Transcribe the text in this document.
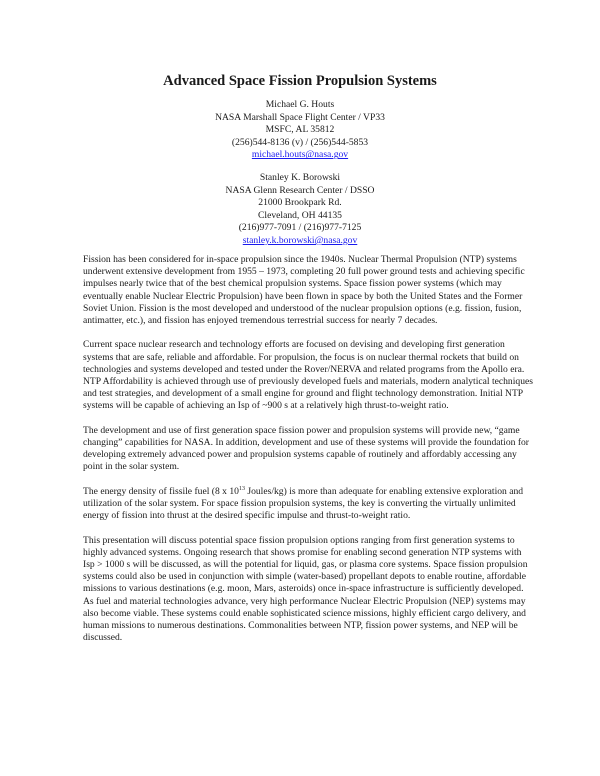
Advanced Space Fission Propulsion Systems
Michael G. Houts
NASA Marshall Space Flight Center / VP33
MSFC, AL 35812
(256)544-8136 (v) / (256)544-5853
michael.houts@nasa.gov
Stanley K. Borowski
NASA Glenn Research Center / DSSO
21000 Brookpark Rd.
Cleveland, OH 44135
(216)977-7091 / (216)977-7125
stanley.k.borowski@nasa.gov

Fission has been considered for in-space propulsion since the 1940s. Nuclear Thermal Propulsion (NTP) systems underwent extensive development from 1955 – 1973, completing 20 full power ground tests and achieving specific impulses nearly twice that of the best chemical propulsion systems. Space fission power systems (which may eventually enable Nuclear Electric Propulsion) have been flown in space by both the United States and the Former Soviet Union. Fission is the most developed and understood of the nuclear propulsion options (e.g. fission, fusion, antimatter, etc.), and fission has enjoyed tremendous terrestrial success for nearly 7 decades.

Current space nuclear research and technology efforts are focused on devising and developing first generation systems that are safe, reliable and affordable. For propulsion, the focus is on nuclear thermal rockets that build on technologies and systems developed and tested under the Rover/NERVA and related programs from the Apollo era. NTP Affordability is achieved through use of previously developed fuels and materials, modern analytical techniques and test strategies, and development of a small engine for ground and flight technology demonstration. Initial NTP systems will be capable of achieving an Isp of ~900 s at a relatively high thrust-to-weight ratio.

The development and use of first generation space fission power and propulsion systems will provide new, “game changing” capabilities for NASA. In addition, development and use of these systems will provide the foundation for developing extremely advanced power and propulsion systems capable of routinely and affordably accessing any point in the solar system.

The energy density of fissile fuel (8 x $10^{13}$ Joules/kg) is more than adequate for enabling extensive exploration and utilization of the solar system. For space fission propulsion systems, the key is converting the virtually unlimited energy of fission into thrust at the desired specific impulse and thrust-to-weight ratio.

This presentation will discuss potential space fission propulsion options ranging from first generation systems to highly advanced systems. Ongoing research that shows promise for enabling second generation NTP systems with Isp > 1000 s will be discussed, as will the potential for liquid, gas, or plasma core systems. Space fission propulsion systems could also be used in conjunction with simple (water-based) propellant depots to enable routine, affordable missions to various destinations (e.g. moon, Mars, asteroids) once in-space infrastructure is sufficiently developed. As fuel and material technologies advance, very high performance Nuclear Electric Propulsion (NEP) systems may also become viable. These systems could enable sophisticated science missions, highly efficient cargo delivery, and human missions to numerous destinations. Commonalities between NTP, fission power systems, and NEP will be discussed.
